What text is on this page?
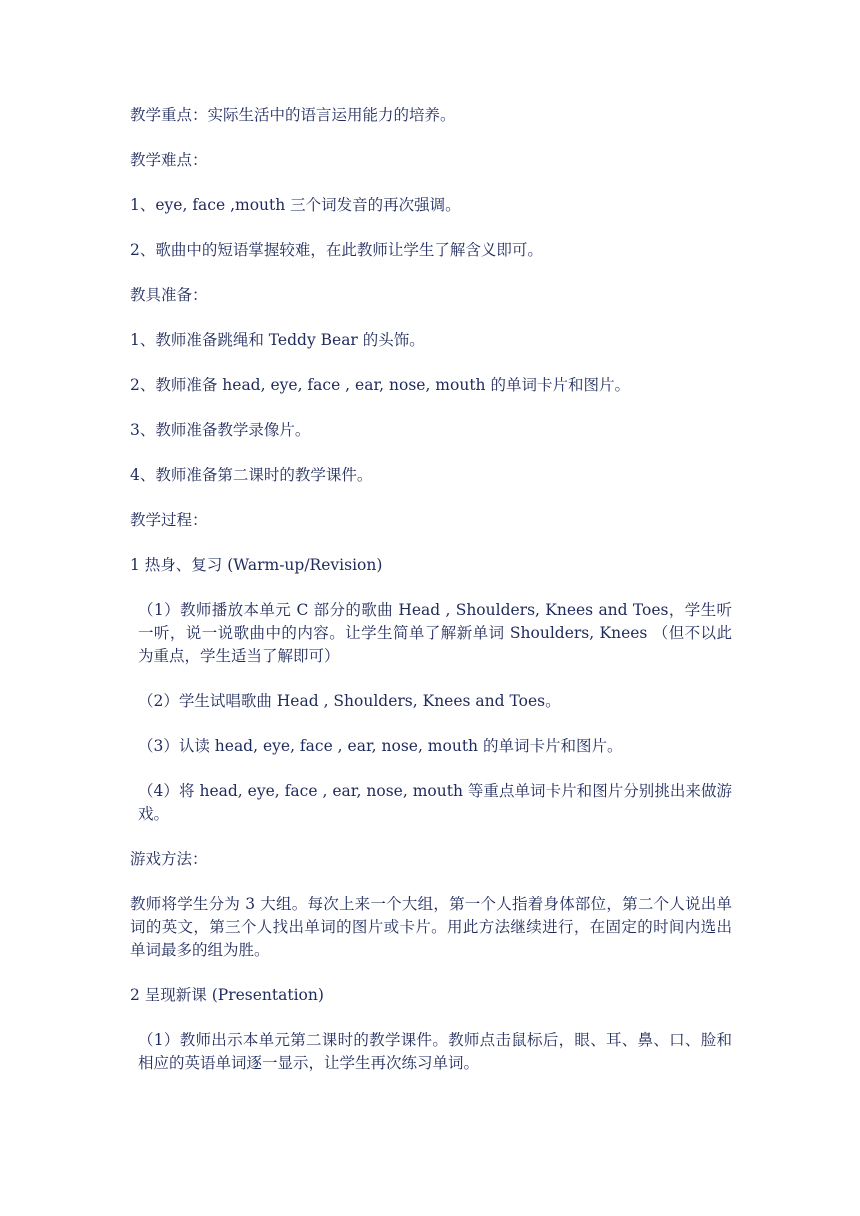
教学重点：实际生活中的语言运用能力的培养。

教学难点：

1、eye, face ,mouth 三个词发音的再次强调。

2、歌曲中的短语掌握较难，在此教师让学生了解含义即可。

教具准备：

1、教师准备跳绳和 Teddy Bear 的头饰。

2、教师准备 head, eye, face , ear, nose, mouth 的单词卡片和图片。

3、教师准备教学录像片。

4、教师准备第二课时的教学课件。

教学过程：

1 热身、复习 (Warm-up/Revision)

（1）教师播放本单元 C 部分的歌曲 Head , Shoulders, Knees and Toes，学生听一听，说一说歌曲中的内容。让学生简单了解新单词 Shoulders, Knees （但不以此为重点，学生适当了解即可）

（2）学生试唱歌曲 Head , Shoulders, Knees and Toes。

（3）认读 head, eye, face , ear, nose, mouth 的单词卡片和图片。

（4）将 head, eye, face , ear, nose, mouth 等重点单词卡片和图片分别挑出来做游戏。

游戏方法：

教师将学生分为 3 大组。每次上来一个大组，第一个人指着身体部位，第二个人说出单词的英文，第三个人找出单词的图片或卡片。用此方法继续进行，在固定的时间内选出单词最多的组为胜。

2 呈现新课 (Presentation)

（1）教师出示本单元第二课时的教学课件。教师点击鼠标后，眼、耳、鼻、口、脸和相应的英语单词逐一显示，让学生再次练习单词。
